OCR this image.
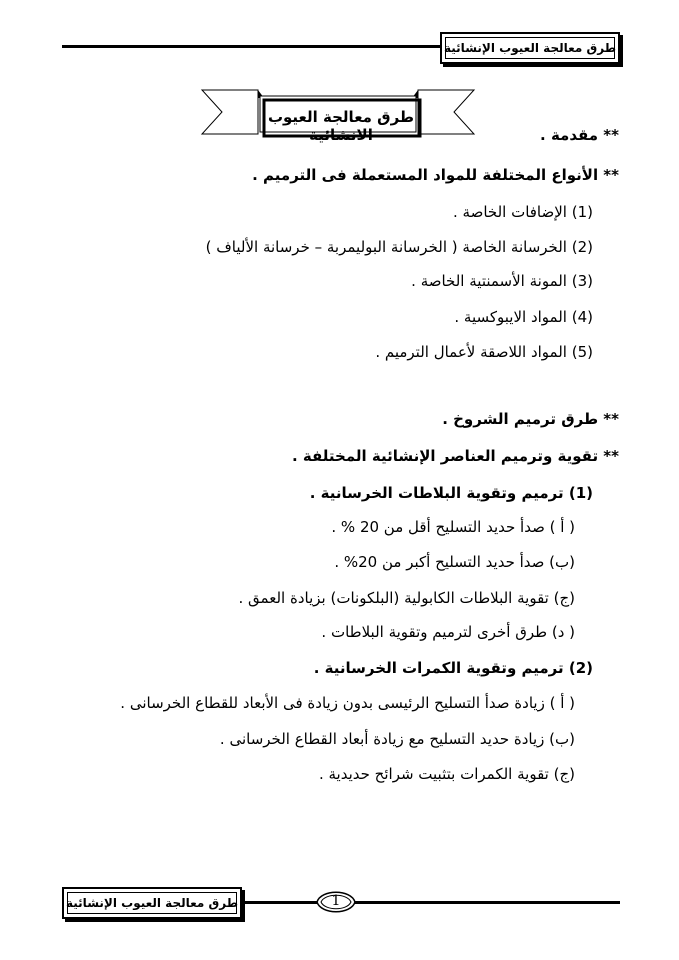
طرق معالجة العيوب الإنشائية
طرق معالجة العيوب الانشائية	** مقدمة .
** الأنواع المختلفة للمواد المستعملة فى الترميم .
(1) الإضافات الخاصة .
(2) الخرسانة الخاصة ( الخرسانة البوليمربة – خرسانة الألياف )
(3) المونة الأسمنتية الخاصة .
(4) المواد الايبوكسية .
(5) المواد اللاصقة لأعمال الترميم .
** طرق ترميم الشروخ .
** تقوية وترميم العناصر الإنشائية المختلفة .
(1) ترميم وتقوية البلاطات الخرسانية .
( أ ) صدأ حديد التسليح أقل من 20 % .
(ب) صدأ حديد التسليح أكبر من 20% .
(ج) تقوية البلاطات الكابولية (البلكونات) بزيادة العمق .
( د) طرق أخرى لترميم وتقوية البلاطات .
(2) ترميم وتقوية الكمرات الخرسانية .
( أ ) زيادة صدأ التسليح الرئيسى بدون زيادة فى الأبعاد للقطاع الخرسانى .
(ب) زيادة حديد التسليح مع زيادة أبعاد القطاع الخرسانى .
(ج) تقوية الكمرات بتثبيت شرائح حديدية .
طرق معالجة العيوب الإنشائية	1
